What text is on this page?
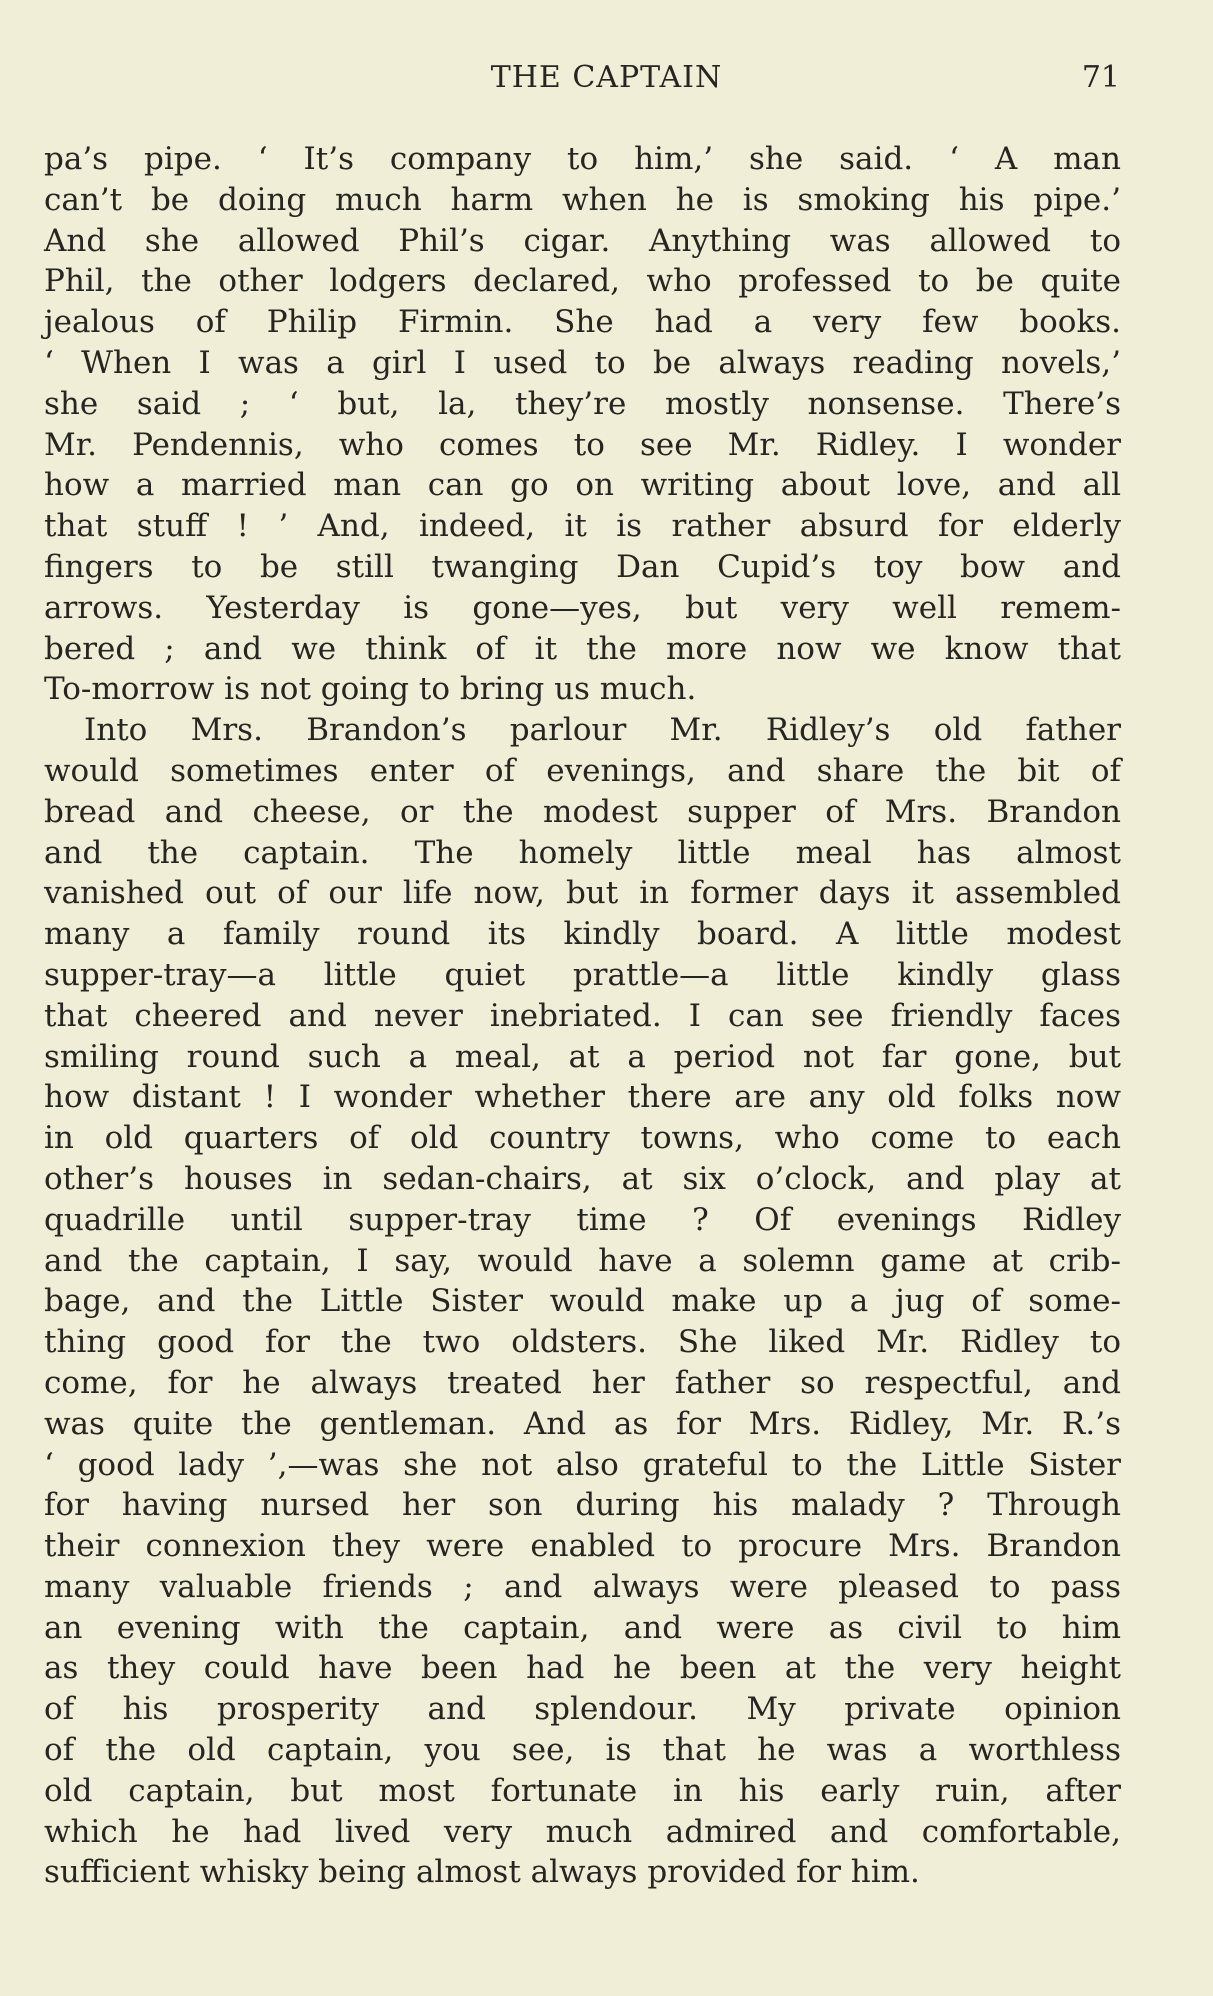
THE CAPTAIN	71
pa’s pipe. ‘ It’s company to him,’ she said. ‘ A man
can’t be doing much harm when he is smoking his pipe.’
And she allowed Phil’s cigar. Anything was allowed to
Phil, the other lodgers declared, who professed to be quite
jealous of Philip Firmin. She had a very few books.
‘ When I was a girl I used to be always reading novels,’
she said ; ‘ but, la, they’re mostly nonsense. There’s
Mr. Pendennis, who comes to see Mr. Ridley. I wonder
how a married man can go on writing about love, and all
that stuff ! ’ And, indeed, it is rather absurd for elderly
fingers to be still twanging Dan Cupid’s toy bow and
arrows. Yesterday is gone—yes, but very well remem-
bered ; and we think of it the more now we know that
To-morrow is not going to bring us much.
Into Mrs. Brandon’s parlour Mr. Ridley’s old father
would sometimes enter of evenings, and share the bit of
bread and cheese, or the modest supper of Mrs. Brandon
and the captain. The homely little meal has almost
vanished out of our life now, but in former days it assembled
many a family round its kindly board. A little modest
supper-tray—a little quiet prattle—a little kindly glass
that cheered and never inebriated. I can see friendly faces
smiling round such a meal, at a period not far gone, but
how distant ! I wonder whether there are any old folks now
in old quarters of old country towns, who come to each
other’s houses in sedan-chairs, at six o’clock, and play at
quadrille until supper-tray time ? Of evenings Ridley
and the captain, I say, would have a solemn game at crib-
bage, and the Little Sister would make up a jug of some-
thing good for the two oldsters. She liked Mr. Ridley to
come, for he always treated her father so respectful, and
was quite the gentleman. And as for Mrs. Ridley, Mr. R.’s
‘ good lady ’,—was she not also grateful to the Little Sister
for having nursed her son during his malady ? Through
their connexion they were enabled to procure Mrs. Brandon
many valuable friends ; and always were pleased to pass
an evening with the captain, and were as civil to him
as they could have been had he been at the very height
of his prosperity and splendour. My private opinion
of the old captain, you see, is that he was a worthless
old captain, but most fortunate in his early ruin, after
which he had lived very much admired and comfortable,
sufficient whisky being almost always provided for him.
